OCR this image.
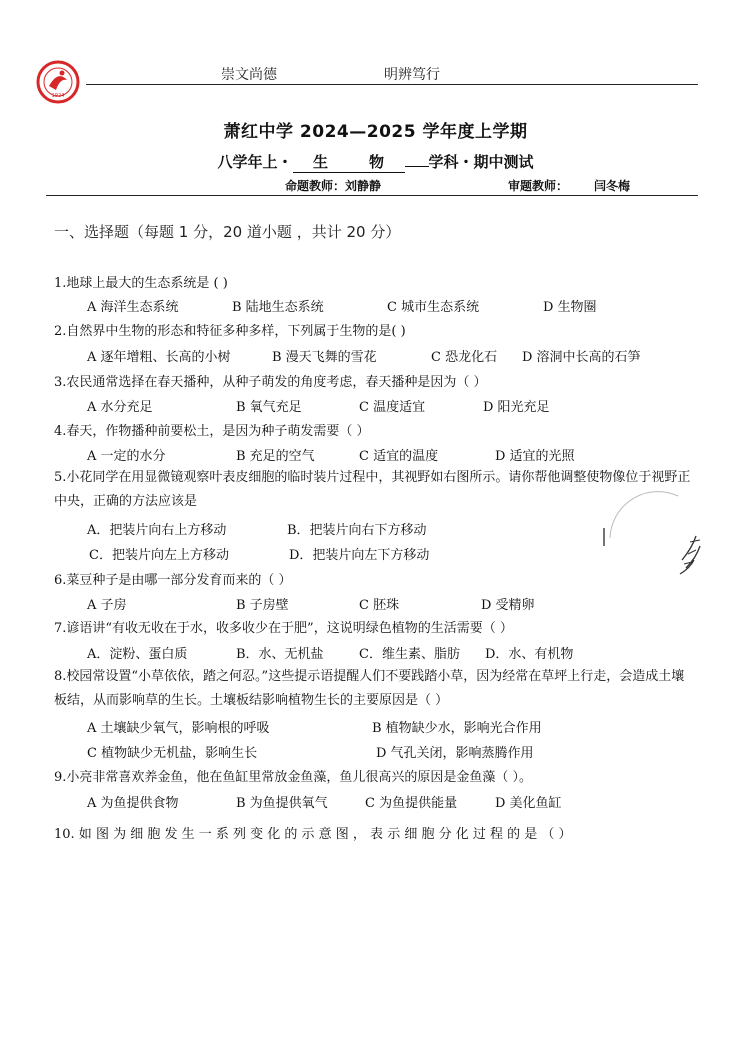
1924
崇文尚德	明辨笃行
萧红中学 2024—2025 学年度上学期
八学年上・ 生	物	学科・期中测试
命题教师：刘静静	审题教师： 闫冬梅
一、选择题（每题 1 分，20 道小题 ，共计 20 分）
1.地球上最大的生态系统是 ( )
A 海洋生态系统	B 陆地生态系统	C 城市生态系统	D 生物圈
2.自然界中生物的形态和特征多种多样，下列属于生物的是( )
A 逐年增粗、长高的小树	B 漫天飞舞的雪花	C 恐龙化石 D 溶洞中长高的石笋
3.农民通常选择在春天播种，从种子萌发的角度考虑，春天播种是因为（ ）
A 水分充足	B 氧气充足	C 温度适宜	D 阳光充足
4.春天，作物播种前要松土，是因为种子萌发需要（ ）
A 一定的水分	B 充足的空气	C 适宜的温度	D 适宜的光照
5.小花同学在用显微镜观察叶表皮细胞的临时装片过程中，其视野如右图所示。请你帮他调整使物像位于视野正中央，正确的方法应该是
A．把装片向右上方移动	B．把装片向右下方移动
C．把装片向左上方移动	D．把装片向左下方移动
6.菜豆种子是由哪一部分发育而来的（ ）
A 子房	B 子房壁	C 胚珠	D 受精卵
7.谚语讲“有收无收在于水，收多收少在于肥”，这说明绿色植物的生活需要（ ）
A．淀粉、蛋白质	B．水、无机盐	C．维生素、脂肪 D．水、有机物
8.校园常设置“小草依依，踏之何忍。”这些提示语提醒人们不要践踏小草，因为经常在草坪上行走，会造成土壤板结，从而影响草的生长。土壤板结影响植物生长的主要原因是（ ）
A 土壤缺少氧气，影响根的呼吸	B 植物缺少水，影响光合作用
C 植物缺少无机盐，影响生长	D 气孔关闭，影响蒸腾作用
9.小亮非常喜欢养金鱼，他在鱼缸里常放金鱼藻，鱼儿很高兴的原因是金鱼藻（ ）。
A 为鱼提供食物	B 为鱼提供氧气	C 为鱼提供能量	D 美化鱼缸
10. 如 图 为 细 胞 发 生 一 系 列 变 化 的 示 意 图 ， 表 示 细 胞 分 化 过 程 的 是 （ ）
